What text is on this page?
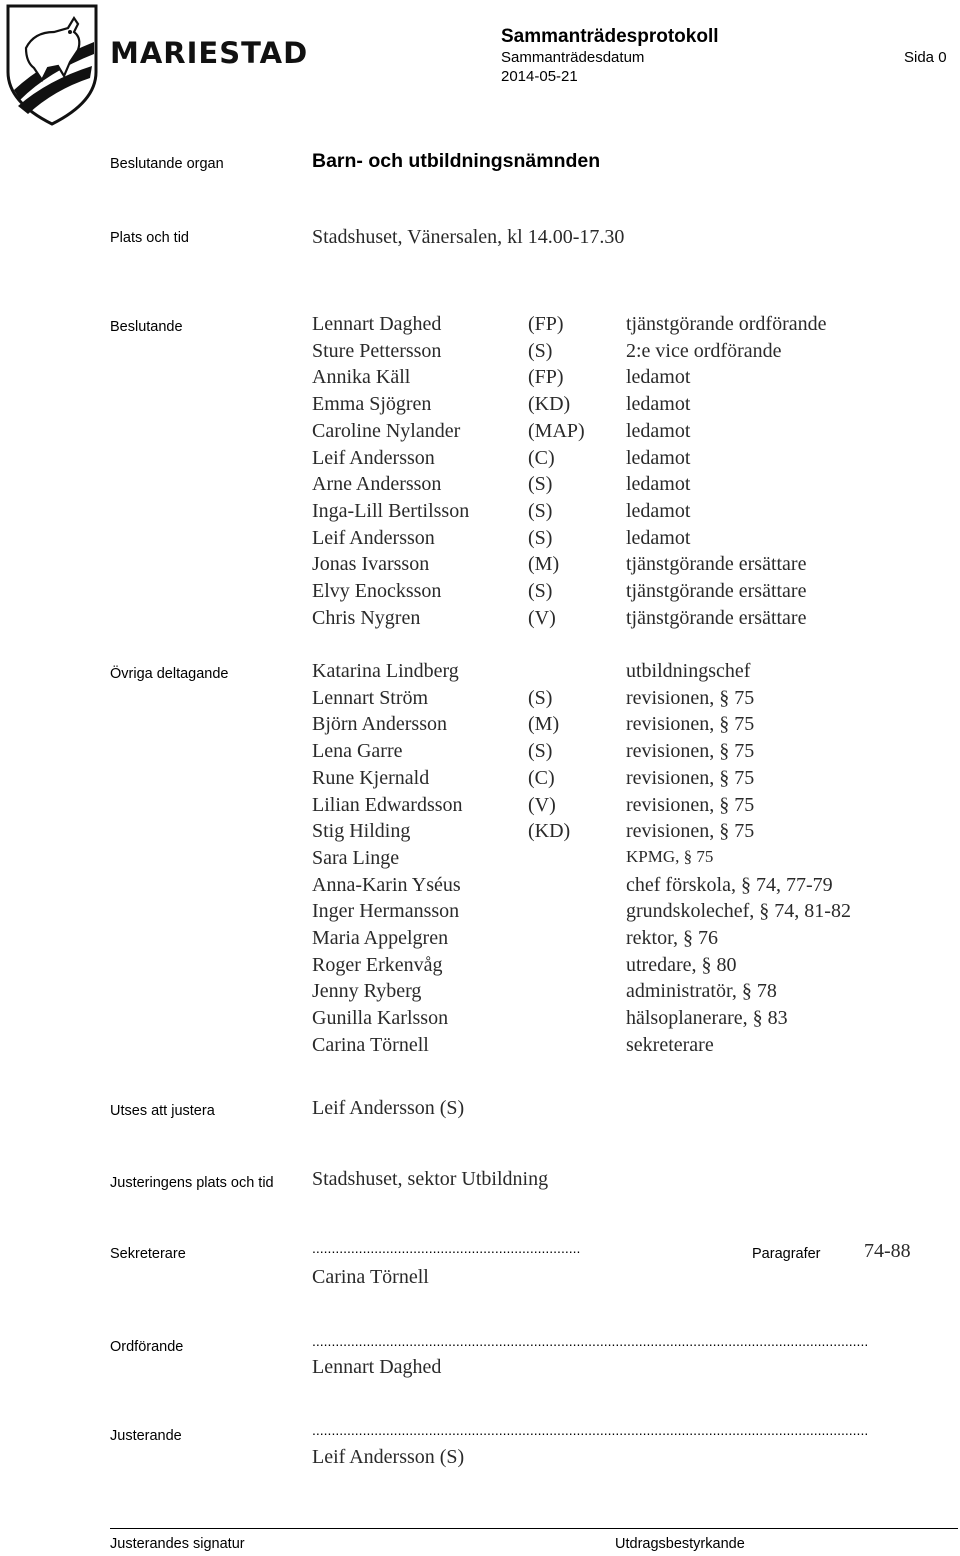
MARIESTAD	Sammanträdesprotokoll
Sammanträdesdatum
2014-05-21
Sida 0
Beslutande organ	Barn- och utbildningsnämnden
Plats och tid	Stadshuset, Vänersalen, kl 14.00-17.30
Beslutande	Lennart Daghed	(FP)	tjänstgörande ordförande
Sture Pettersson	(S)	2:e vice ordförande
Annika Käll	(FP)	ledamot
Emma Sjögren	(KD)	ledamot
Caroline Nylander	(MAP) ledamot
Leif Andersson	(C)	ledamot
Arne Andersson	(S)	ledamot
Inga-Lill Bertilsson	(S)	ledamot
Leif Andersson	(S)	ledamot
Jonas Ivarsson	(M)	tjänstgörande ersättare
Elvy Enocksson	(S)	tjänstgörande ersättare
Chris Nygren	(V)	tjänstgörande ersättare
Övriga deltagande	Katarina Lindberg	utbildningschef
Lennart Ström	(S)	revisionen, § 75
Björn Andersson	(M)	revisionen, § 75
Lena Garre	(S)	revisionen, § 75
Rune Kjernald	(C)	revisionen, § 75
Lilian Edwardsson	(V)	revisionen, § 75
Stig Hilding	(KD)	revisionen, § 75
Sara Linge	KPMG, § 75
Anna-Karin Yséus	chef förskola, § 74, 77-79
Inger Hermansson	grundskolechef, § 74, 81-82
Maria Appelgren	rektor, § 76
Roger Erkenvåg	utredare, § 80
Jenny Ryberg	administratör, § 78
Gunilla Karlsson	hälsoplanerare, § 83
Carina Törnell	sekreterare
Utses att justera	Leif Andersson (S)
Justeringens plats och tid Stadshuset, sektor Utbildning
Sekreterare	.....................................................................
Carina Törnell
Paragrafer 74-88
Ordförande	...............................................................................................................................................
Lennart Daghed
Justerande	...............................................................................................................................................
Leif Andersson (S)
Justerandes signatur	Utdragsbestyrkande
